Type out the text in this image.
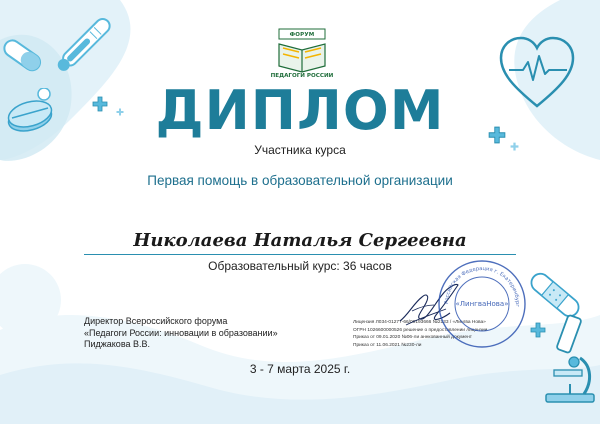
ФОРУМ
ПЕДАГОГИ РОССИИ
ДИПЛОМ
Участника курса
Первая помощь в образовательной организации
Николаева Наталья Сергеевна
Образовательный курс: 36 часов
Директор Всероссийского форума
«Педагоги России: инновации в образовании»
Пиджакова В.В.
Лицензия Л034-01277-66/00193666 №2133 / «Лингва Нова»
ОГРН 1026600000526 решение о предоставлении лицензии
Приказ от 09.01.2020 №06-ли аннкованный документ
Приказ от 11.06.2021 №230-ли
Российская Федерация г. Екатеринбург
«ЛингваНова»
3 - 7 марта 2025 г.
